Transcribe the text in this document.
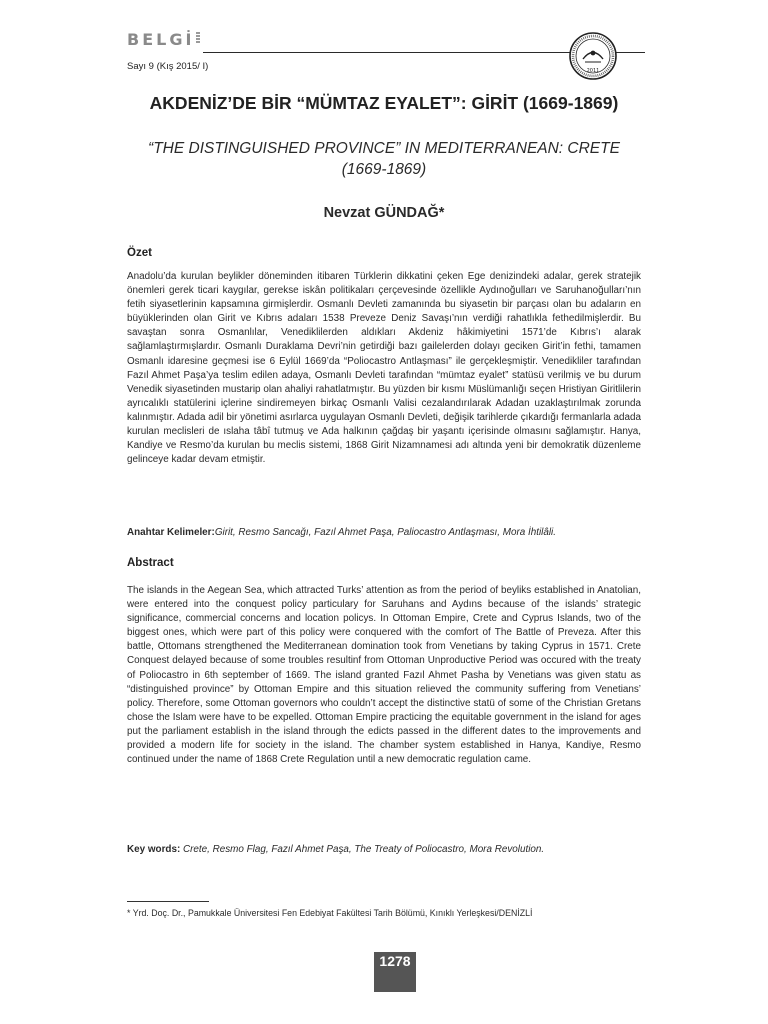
BELGİ
Sayı 9 (Kış 2015/ I)	2011
AKDENİZ’DE BİR “MÜMTAZ EYALET”: GİRİT (1669-1869)
“THE DISTINGUISHED PROVINCE” IN MEDITERRANEAN: CRETE
(1669-1869)
Nevzat GÜNDAĞ*
Özet

Anadolu’da kurulan beylikler döneminden itibaren Türklerin dikkatini çeken Ege denizindeki adalar, gerek stratejik önemleri gerek ticari kaygılar, gerekse iskân politikaları çerçevesinde özellikle Aydınoğulları ve Saruhanoğulları’nın fetih siyasetlerinin kapsamına girmişlerdir. Osmanlı Devleti zamanında bu siyasetin bir parçası olan bu adaların en büyüklerinden olan Girit ve Kıbrıs adaları 1538 Preveze Deniz Savaşı’nın verdiği rahatlıkla fethedilmişlerdir. Bu savaştan sonra Osmanlılar, Venediklilerden aldıkları Akdeniz hâkimiyetini 1571’de Kıbrıs’ı alarak sağlamlaştırmışlardır. Osmanlı Duraklama Devri’nin getirdiği bazı gailelerden dolayı geciken Girit’in fethi, tamamen Osmanlı idaresine geçmesi ise 6 Eylül 1669’da “Poliocastro Antlaşması” ile gerçekleşmiştir. Venedikliler tarafından Fazıl Ahmet Paşa’ya teslim edilen adaya, Osmanlı Devleti tarafından “mümtaz eyalet” statüsü verilmiş ve bu durum Venedik siyasetinden mustarip olan ahaliyi rahatlatmıştır. Bu yüzden bir kısmı Müslümanlığı seçen Hristiyan Giritlilerin ayrıcalıklı statülerini içlerine sindiremeyen birkaç Osmanlı Valisi cezalandırılarak Adadan uzaklaştırılmak zorunda kalınmıştır. Adada adil bir yönetimi asırlarca uygulayan Osmanlı Devleti, değişik tarihlerde çıkardığı fermanlarla adada kurulan meclisleri de ıslaha tâbî tutmuş ve Ada halkının çağdaş bir yaşantı içerisinde olmasını sağlamıştır. Hanya, Kandiye ve Resmo’da kurulan bu meclis sistemi, 1868 Girit Nizamnamesi adı altında yeni bir demokratik düzenleme gelinceye kadar devam etmiştir.

Anahtar Kelimeler:Girit, Resmo Sancağı, Fazıl Ahmet Paşa, Paliocastro Antlaşması, Mora İhtilâli.
Abstract

The islands in the Aegean Sea, which attracted Turks’ attention as from the period of beyliks established in Anatolian, were entered into the conquest policy particulary for Saruhans and Aydıns because of the islands’ strategic significance, commercial concerns and location policys. In Ottoman Empire, Crete and Cyprus Islands, two of the biggest ones, which were part of this policy were conquered with the comfort of The Battle of Preveza. After this battle, Ottomans strengthened the Mediterranean domination took from Venetians by taking Cyprus in 1571. Crete Conquest delayed because of some troubles resultinf from Ottoman Unproductive Period was occured with the treaty of Poliocastro in 6th september of 1669. The island granted Fazıl Ahmet Pasha by Venetians was given statu as “distinguished province” by Ottoman Empire and this situation relieved the community suffering from Venetians’ policy. Therefore, some Ottoman governors who couldn’t accept the distinctive statü of some of the Christian Gretans chose the Islam were have to be expelled. Ottoman Empire practicing the equitable government in the island for ages put the parliament establish in the island through the edicts passed in the different dates to the improvements and provided a modern life for society in the island. The chamber system established in Hanya, Kandiye, Resmo continued under the name of 1868 Crete Regulation until a new democratic regulation came.

Key words: Crete, Resmo Flag, Fazıl Ahmet Paşa, The Treaty of Poliocastro, Mora Revolution.
* Yrd. Doç. Dr., Pamukkale Üniversitesi Fen Edebiyat Fakültesi Tarih Bölümü, Kınıklı Yerleşkesi/DENİZLİ
1278
